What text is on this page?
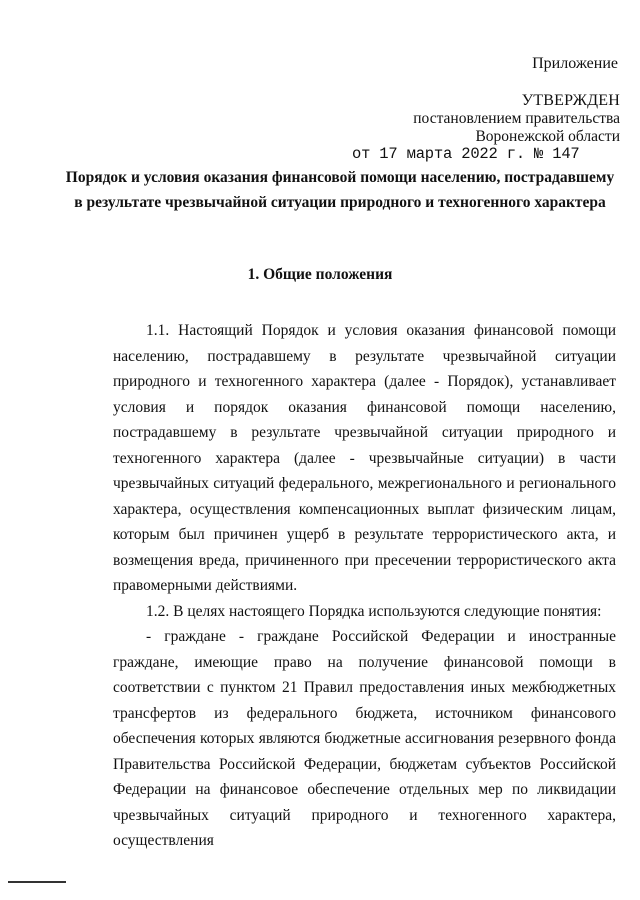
Приложение
УТВЕРЖДЕН
постановлением правительства
Воронежской области
от 17 марта 2022 г. № 147
Порядок и условия оказания финансовой помощи населению, пострадавшему в результате чрезвычайной ситуации природного и техногенного характера
1. Общие положения

1.1. Настоящий Порядок и условия оказания финансовой помощи населению, пострадавшему в результате чрезвычайной ситуации природного и техногенного характера (далее - Порядок), устанавливает условия и порядок оказания финансовой помощи населению, пострадавшему в результате чрезвычайной ситуации природного и техногенного характера (далее - чрезвычайные ситуации) в части чрезвычайных ситуаций федерального, межрегионального и регионального характера, осуществления компенсационных выплат физическим лицам, которым был причинен ущерб в результате террористического акта, и возмещения вреда, причиненного при пресечении террористического акта правомерными действиями.

1.2. В целях настоящего Порядка используются следующие понятия:

- граждане - граждане Российской Федерации и иностранные граждане, имеющие право на получение финансовой помощи в соответствии с пунктом 21 Правил предоставления иных межбюджетных трансфертов из федерального бюджета, источником финансового обеспечения которых являются бюджетные ассигнования резервного фонда Правительства Российской Федерации, бюджетам субъектов Российской Федерации на финансовое обеспечение отдельных мер по ликвидации чрезвычайных ситуаций природного и техногенного характера, осуществления
